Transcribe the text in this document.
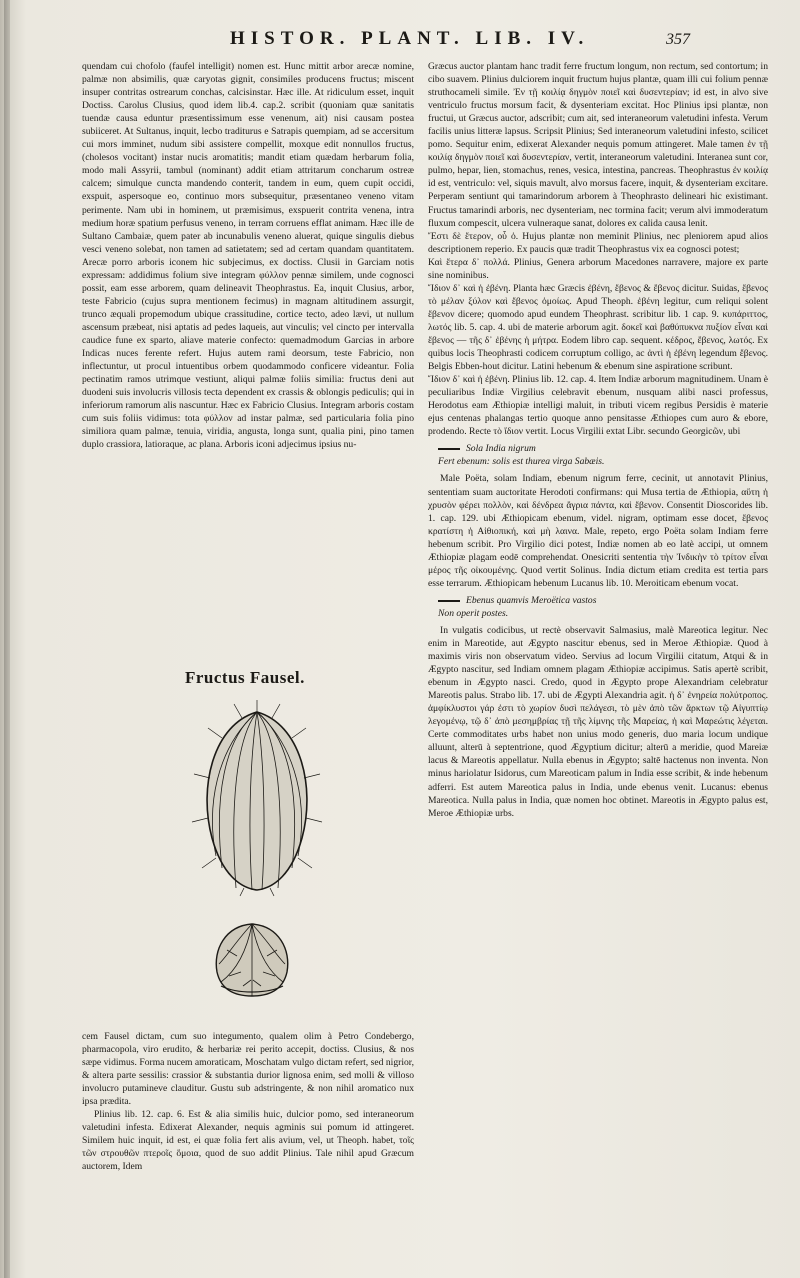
HISTOR. PLANT. LIB. IV.	357

quendam cui chofolo (faufel intelligit) nomen est. Hunc mittit arbor arecæ nomine, palmæ non absimilis, quæ caryotas gignit, consimiles producens fructus; miscent insuper contritas ostrearum conchas, calcisinstar. Hæc ille. At ridiculum esset, inquit Doctiss. Carolus Clusius, quod idem lib.4. cap.2. scribit (quoniam quæ sanitatis tuendæ causa eduntur præsentissimum esse venenum, ait) nisi causam postea subiiceret. At Sultanus, inquit, lecbo traditurus e Satrapis quempiam, ad se accersitum cui mors imminet, nudum sibi assistere compellit, moxque edit nonnullos fructus, (cholesos vocitant) instar nucis aromatitis; mandit etiam quædam herbarum folia, modo mali Assyrii, tambul (nominant) addit etiam attritarum concharum ostreæ calcem; simulque cuncta mandendo conterit, tandem in eum, quem cupit occidi, exspuit, aspersoque eo, continuo mors subsequitur, præsentaneo veneno vitam perimente. Nam ubi in hominem, ut præmisimus, exspuerit contrita venena, intra medium horæ spatium perfusus veneno, in terram corruens efflat animam. Hæc ille de Sultano Cambaiæ, quem pater ab incunabulis veneno aluerat, quique singulis diebus vesci veneno solebat, non tamen ad satietatem; sed ad certam quandam quantitatem. Arecæ porro arboris iconem hic subjecimus, ex doctiss. Clusii in Garciam notis expressam: addidimus folium sive integram φύλλον pennæ similem, unde cognosci possit, eam esse arborem, quam delineavit Theophrastus. Ea, inquit Clusius, arbor, teste Fabricio (cujus supra mentionem fecimus) in magnam altitudinem assurgit, trunco æquali propemodum ubique crassitudine, cortice tecto, adeo lævi, ut nullum ascensum præbeat, nisi aptatis ad pedes laqueis, aut vinculis; vel cincto per intervalla caudice fune ex sparto, aliave materie confecto: quemadmodum Garcias in arbore Indicas nuces ferente refert. Hujus autem rami deorsum, teste Fabricio, non inflectuntur, ut procul intuentibus orbem quodammodo conficere videantur. Folia pectinatim ramos utrimque vestiunt, aliqui palmæ foliis similia: fructus deni aut duodeni suis involucris villosis tecta dependent ex crassis & oblongis pediculis; qui in inferiorum ramorum alis nascuntur. Hæc ex Fabricio Clusius. Integram arboris costam cum suis foliis vidimus: tota φύλλον ad instar palmæ, sed particularia folia pino similiora quam palmæ, tenuia, viridia, angusta, longa sunt, qualia pini, pino tamen duplo crassiora, latioraque, ac plana. Arboris iconi adjecimus ipsius nu-

Fructus Fausel.

cem Fausel dictam, cum suo integumento, qualem olim à Petro Condebergo, pharmacopola, viro erudito, & herbariæ rei perito accepit, doctiss. Clusius, & nos sæpe vidimus. Forma nucem amoraticam, Moschatam vulgo dictam refert, sed nigrior, & altera parte sessilis: crassior & substantia durior lignosa enim, sed molli & villoso involucro putamineve clauditur. Gustu sub adstringente, & non nihil aromatico nux ipsa prædita.

Plinius lib. 12. cap. 6. Est & alia similis huic, dulcior pomo, sed interaneorum valetudini infesta. Edixerat Alexander, nequis agminis sui pomum id attingeret. Similem huic inquit, id est, ei quæ folia fert alis avium, vel, ut Theoph. habet, τοῖς τῶν στρουθῶν πτεροῖς ὅμοια, quod de suo addit Plinius. Tale nihil apud Græcum auctorem, Idem

Græcus auctor plantam hanc tradit ferre fructum longum, non rectum, sed contortum; in cibo suavem. Plinius dulciorem inquit fructum hujus plantæ, quam illi cui folium pennæ struthocameli simile. Ἐν τῇ κοιλίᾳ δηγμὸν ποιεῖ καὶ δυσεντερίαν; id est, in alvo sive ventriculo fructus morsum facit, & dysenteriam excitat. Hoc Plinius ipsi plantæ, non fructui, ut Græcus auctor, adscribit; cum ait, sed interaneorum valetudini infesta. Verum facilis unius litteræ lapsus. Scripsit Plinius; Sed interaneorum valetudini infesto, scilicet pomo. Sequitur enim, edixerat Alexander nequis pomum attingeret. Male tamen ἐν τῇ κοιλίᾳ δηγμὸν ποιεῖ καὶ δυσεντερίαν, vertit, interaneorum valetudini. Interanea sunt cor, pulmo, hepar, lien, stomachus, renes, vesica, intestina, pancreas. Theophrastus ἐν κοιλίᾳ id est, ventriculo: vel, siquis mavult, alvo morsus facere, inquit, & dysenteriam excitare. Perperam sentiunt qui tamarindorum arborem à Theophrasto delineari hic existimant. Fructus tamarindi arboris, nec dysenteriam, nec tormina facit; verum alvi immoderatum fluxum compescit, ulcera vulneraque sanat, dolores ex calida causa lenit.

Ἔστι δὲ ἕτερον, οὗ ὁ. Hujus plantæ non meminit Plinius, nec pleniorem apud alios descriptionem reperio. Ex paucis quæ tradit Theophrastus vix ea cognosci potest;

Καὶ ἕτερα δ᾽ πολλά. Plinius, Genera arborum Macedones narravere, majore ex parte sine nominibus.

Ἴδιον δ᾽ καὶ ἡ ἐβένη. Planta hæc Græcis ἐβένη, ἔβενος & ἔβενος dicitur. Suidas, ἔβενος τὸ μέλαν ξύλον καὶ ἔβενος ὁμοίως. Apud Theoph. ἐβένη legitur, cum reliqui solent ἔβενον dicere; quomodo apud eundem Theophrast. scribitur lib. 1 cap. 9. κυπάριττος, λωτός lib. 5. cap. 4. ubi de materie arborum agit. δοκεῖ καὶ βαθύπυκνα πυξίον εἶναι καὶ ἔβενος — τῆς δ᾽ ἐβένης ἡ μήτρα. Eodem libro cap. sequent. κέδρος, ἔβενος, λωτός. Ex quibus locis Theophrasti codicem corruptum colligo, ac ἀντὶ ἡ ἐβένη legendum ἔβενος. Belgis Ebben-hout dicitur. Latini hebenum & ebenum sine aspiratione scribunt.

Ἴδιον δ᾽ καὶ ἡ ἐβένη. Plinius lib. 12. cap. 4. Item Indiæ arborum magnitudinem. Unam è peculiaribus Indiæ Virgilius celebravit ebenum, nusquam alibi nasci professus, Herodotus eam Æthiopiæ intelligi maluit, in tributi vicem regibus Persidis è materie ejus centenas phalangas tertio quoque anno pensitasse Æthiopes cum auro & ebore, prodendo. Recte τὸ ἴδιον vertit. Locus Virgilii extat Libr. secundo Georgicῶν, ubi

Sola India nigrum
Fert ebenum: solis est thurea virga Sabæis.

Male Poëta, solam Indiam, ebenum nigrum ferre, cecinit, ut annotavit Plinius, sententiam suam auctoritate Herodoti confirmans: qui Musa tertia de Æthiopia, αὕτη ἡ χρυσὸν φέρει πολλὸν, καὶ δένδρεα ἄγρια πάντα, καὶ ἔβενον. Consentit Dioscorides lib. 1. cap. 129. ubi Æthiopicam ebenum, videl. nigram, optimam esse docet, ἔβενος κρατίστη ἡ Αἰθιοπική, καὶ μὴ λαινα. Male, repeto, ergo Poëta solam Indiam ferre hebenum scribit. Pro Virgilio dici potest, Indiæ nomen ab eo latè accipi, ut omnem Æthiopiæ plagam eodē comprehendat. Onesicriti sententia τὴν Ἰνδικὴν τὸ τρίτον εἶναι μέρος τῆς οἰκουμένης. Quod vertit Solinus. India dictum etiam credita est tertia pars esse terrarum. Æthiopicam hebenum Lucanus lib. 10. Meroiticam ebenum vocat.

Ebenus quamvis Meroëtica vastos
Non operit postes.

In vulgatis codicibus, ut rectè observavit Salmasius, malè Mareotica legitur. Nec enim in Mareotide, aut Ægypto nascitur ebenus, sed in Meroe Æthiopiæ. Quod à maximis viris non observatum video. Servius ad locum Virgilii citatum, Atqui & in Ægypto nascitur, sed Indiam omnem plagam Æthiopiæ accipimus. Satis apertè scribit, ebenum in Ægypto nasci. Credo, quod in Ægypto prope Alexandriam celebratur Mareotis palus. Strabo lib. 17. ubi de Ægypti Alexandria agit. ἡ δ᾽ ἐνηρεία πολύτροπος. ἀμφίκλυστοι γάρ ἐστι τὸ χωρίον δυσὶ πελάγεσι, τὸ μὲν ἀπὸ τῶν ἄρκτων τῷ Αἰγυπτίῳ λεγομένῳ, τῷ δ᾽ ἀπὸ μεσημβρίας τῇ τῆς λίμνης τῆς Μαρείας, ἡ καὶ Μαρεώτις λέγεται. Certe commoditates urbs habet non unius modo generis, duo maria locum undique alluunt, alterū à septentrione, quod Ægyptium dicitur; alterū a meridie, quod Mareiæ lacus & Mareotis appellatur. Nulla ebenus in Ægypto; saltē hactenus non inventa. Non minus hariolatur Isidorus, cum Mareoticam palum in India esse scribit, & inde hebenum adferri. Est autem Mareotica palus in India, unde ebenus venit. Lucanus: ebenus Mareotica. Nulla palus in India, quæ nomen hoc obtinet. Mareotis in Ægypto palus est, Meroe Æthiopiæ urbs.
